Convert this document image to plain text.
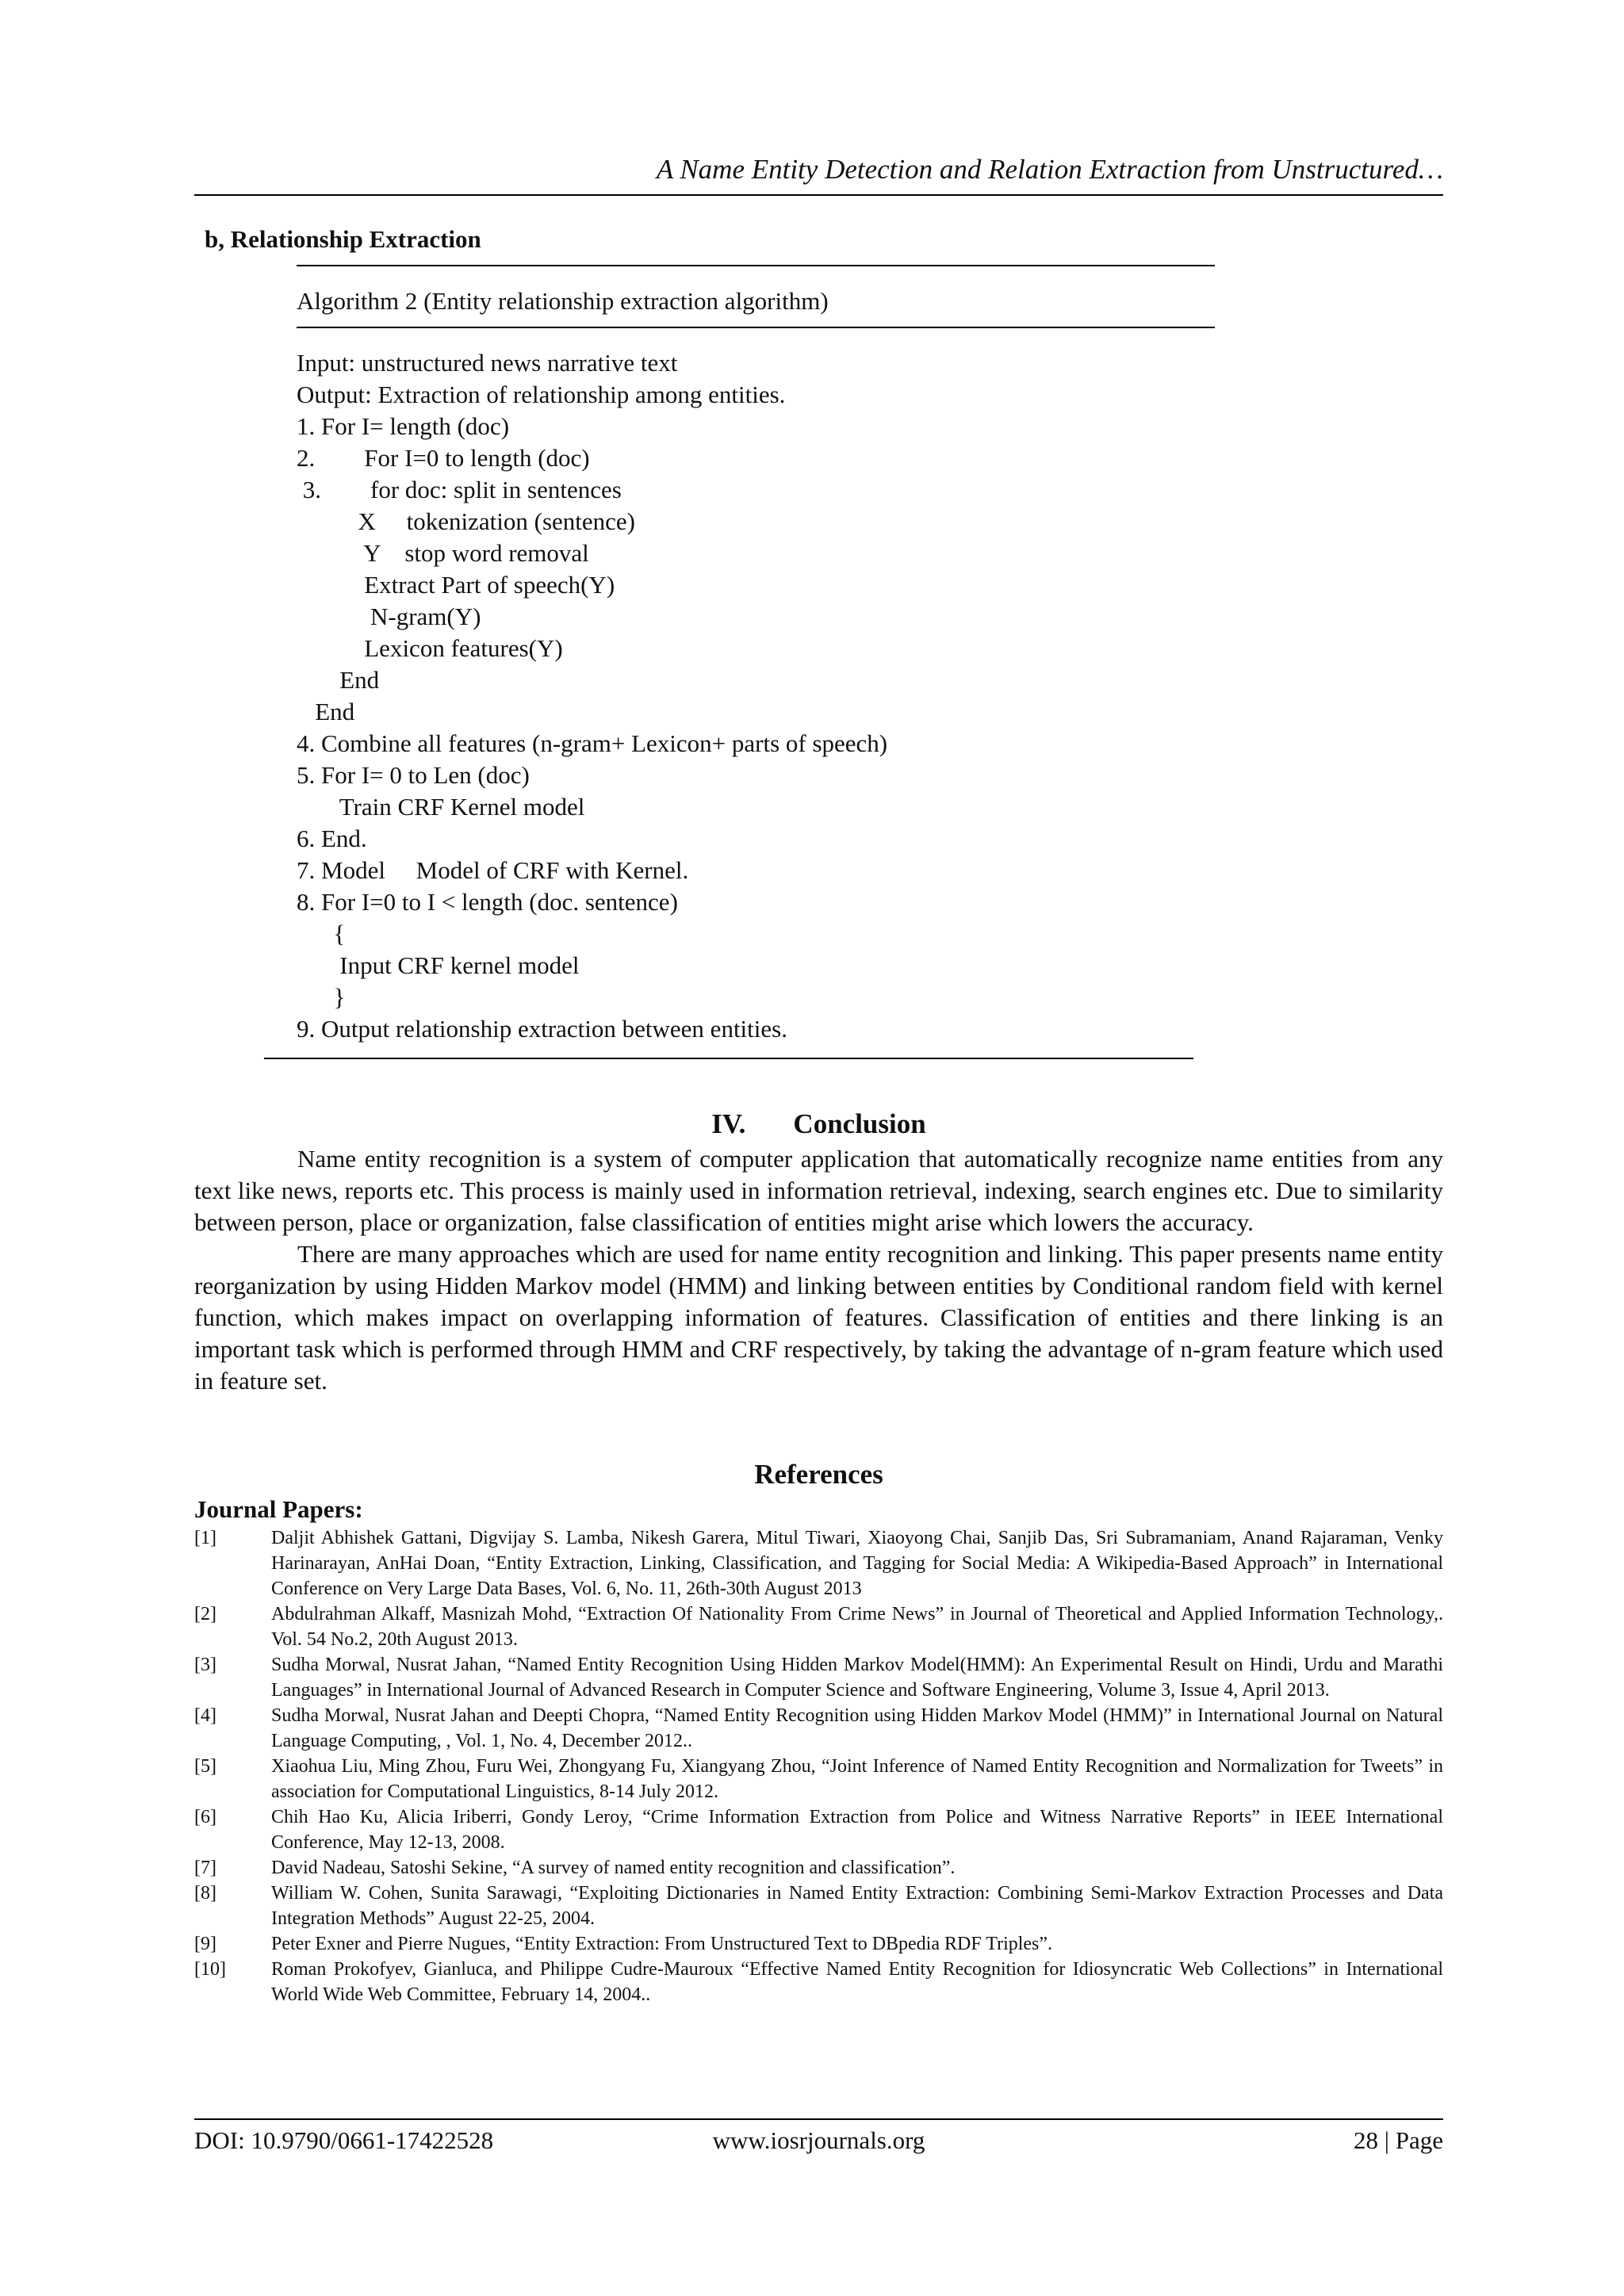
A Name Entity Detection and Relation Extraction from Unstructured…
b, Relationship Extraction
Algorithm 2 (Entity relationship extraction algorithm)
Input: unstructured news narrative text
Output: Extraction of relationship among entities.
1. For I= length (doc)
2.        For I=0 to length (doc)
3.        for doc: split in sentences
X     tokenization (sentence)
Y    stop word removal
Extract Part of speech(Y)
N-gram(Y)
Lexicon features(Y)
End
End
4. Combine all features (n-gram+ Lexicon+ parts of speech)
5. For I= 0 to Len (doc)
Train CRF Kernel model
6. End.
7. Model     Model of CRF with Kernel.
8. For I=0 to I < length (doc. sentence)
{
Input CRF kernel model
}
9. Output relationship extraction between entities.
IV. Conclusion

Name entity recognition is a system of computer application that automatically recognize name entities from any text like news, reports etc. This process is mainly used in information retrieval, indexing, search engines etc. Due to similarity between person, place or organization, false classification of entities might arise which lowers the accuracy.

There are many approaches which are used for name entity recognition and linking. This paper presents name entity reorganization by using Hidden Markov model (HMM) and linking between entities by Conditional random field with kernel function, which makes impact on overlapping information of features. Classification of entities and there linking is an important task which is performed through HMM and CRF respectively, by taking the advantage of n-gram feature which used in feature set.

References
Journal Papers:
[1]	Daljit Abhishek Gattani, Digvijay S. Lamba, Nikesh Garera, Mitul Tiwari, Xiaoyong Chai, Sanjib Das, Sri Subramaniam, Anand Rajaraman, Venky Harinarayan, AnHai Doan, “Entity Extraction, Linking, Classification, and Tagging for Social Media: A Wikipedia-Based Approach” in International Conference on Very Large Data Bases, Vol. 6, No. 11, 26th-30th August 2013
[2]	Abdulrahman Alkaff, Masnizah Mohd, “Extraction Of Nationality From Crime News” in Journal of Theoretical and Applied Information Technology,. Vol. 54 No.2, 20th August 2013.
[3]	Sudha Morwal, Nusrat Jahan, “Named Entity Recognition Using Hidden Markov Model(HMM): An Experimental Result on Hindi, Urdu and Marathi Languages” in International Journal of Advanced Research in Computer Science and Software Engineering, Volume 3, Issue 4, April 2013.
[4]	Sudha Morwal, Nusrat Jahan and Deepti Chopra, “Named Entity Recognition using Hidden Markov Model (HMM)” in International Journal on Natural Language Computing, , Vol. 1, No. 4, December 2012..
[5]	Xiaohua Liu, Ming Zhou, Furu Wei, Zhongyang Fu, Xiangyang Zhou, “Joint Inference of Named Entity Recognition and Normalization for Tweets” in association for Computational Linguistics, 8-14 July 2012.
[6]	Chih Hao Ku, Alicia Iriberri, Gondy Leroy, “Crime Information Extraction from Police and Witness Narrative Reports” in IEEE International Conference, May 12-13, 2008.
[7]	David Nadeau, Satoshi Sekine, “A survey of named entity recognition and classification”.
[8]	William W. Cohen, Sunita Sarawagi, “Exploiting Dictionaries in Named Entity Extraction: Combining Semi-Markov Extraction Processes and Data Integration Methods” August 22-25, 2004.
[9]	Peter Exner and Pierre Nugues, “Entity Extraction: From Unstructured Text to DBpedia RDF Triples”.
[10]	Roman Prokofyev, Gianluca, and Philippe Cudre-Mauroux “Effective Named Entity Recognition for Idiosyncratic Web Collections” in International World Wide Web Committee, February 14, 2004..
DOI: 10.9790/0661-17422528	www.iosrjournals.org	28 | Page
